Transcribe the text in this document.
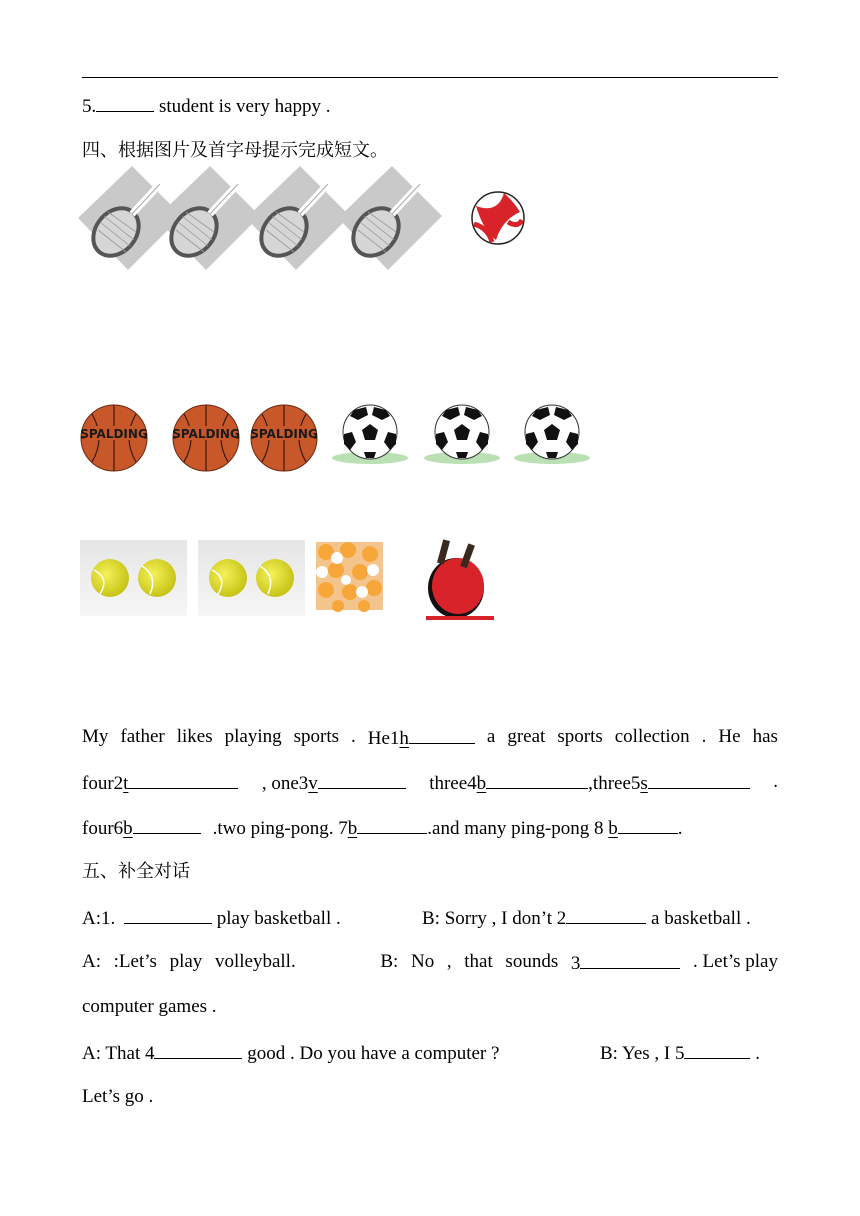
5.	student is very happy .
四、根据图片及首字母提示完成短文。
SPALDING
My father likes playing sports . He1h	a great sports collection . He has
four2t	, one3v	three4b	,three5s	.
four6b	.two ping-pong. 7b	.and many ping-pong 8 b	.
五、补全对话
A:1.	play basketball .	B: Sorry , I don’t 2	a basketball .
A: :Let’s play volleyball.	B: No , that sounds 3	. Let’s play
computer games .
A: That 4	good . Do you have a computer ?	B: Yes , I 5	.
Let’s go .
